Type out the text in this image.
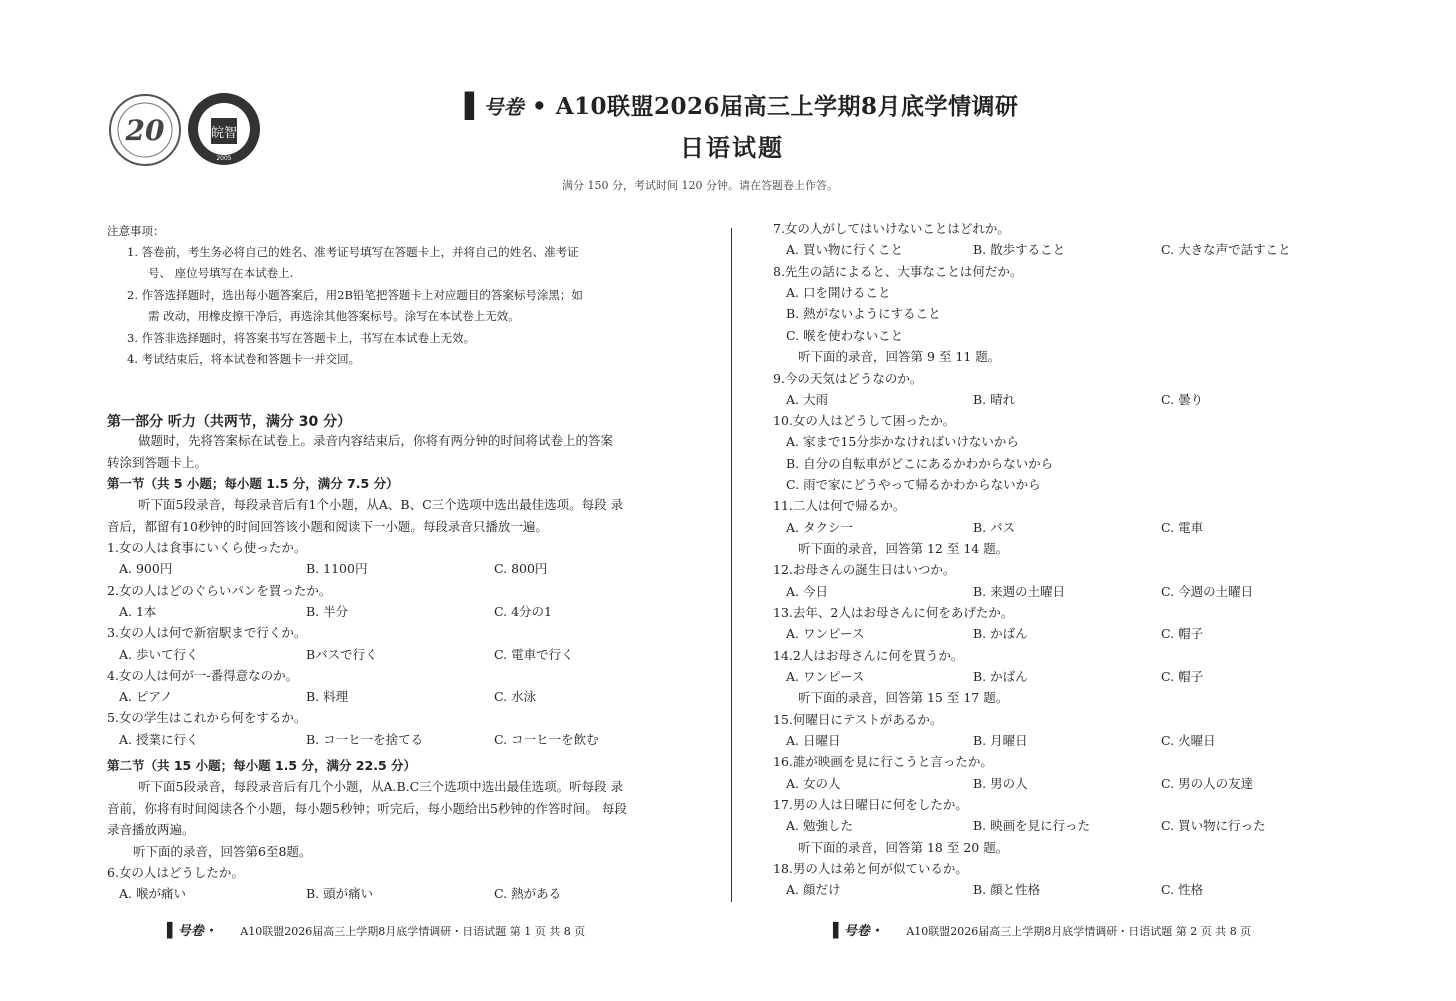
20	皖智
2005
▌号卷 • A10联盟2026届高三上学期8月底学情调研
日语试题
满分 150 分，考试时间 120 分钟。请在答题卷上作答。
注意事项：
1. 答卷前，考生务必将自己的姓名、准考证号填写在答题卡上，并将自己的姓名、准考证
号、 座位号填写在本试卷上.
2. 作答选择题时，选出每小题答案后，用2B铅笔把答题卡上对应题目的答案标号涂黑；如
需 改动，用橡皮擦干净后，再选涂其他答案标号。涂写在本试卷上无效。
3. 作答非选择题时，将答案书写在答题卡上，书写在本试卷上无效。
4. 考试结束后，将本试卷和答题卡一并交回。
第一部分 听力（共两节，满分 30 分）
做题时，先将答案标在试卷上。录音内容结束后，你将有两分钟的时间将试卷上的答案
转涂到答题卡上。
第一节（共 5 小题；每小题 1.5 分，满分 7.5 分）
听下面5段录音，每段录音后有1个小题，从A、B、C三个选项中选出最佳选项。每段 录
音后，都留有10秒钟的时间回答该小题和阅读下一小题。每段录音只播放一遍。
1.女の人は食事にいくら使ったか。
A. 900円	B. 1100円	C. 800円
2.女の人はどのぐらいパンを買ったか。
A. 1本	B. 半分	C. 4分の1
3.女の人は何で新宿駅まで行くか。
A. 歩いて行く	Bバスで行く	C. 電車で行く
4.女の人は何が一-番得意なのか。
A. ピアノ	B. 料理	C. 水泳
5.女の学生はこれから何をするか。
A. 授業に行く	B. コ一ヒ一を捨てる	C. コ一ヒ一を飲む
第二节（共 15 小题；每小题 1.5 分，满分 22.5 分）
听下面5段录音，每段录音后有几个小题，从A.B.C三个选项中选出最佳选项。听每段 录
音前，你将有时间阅读各个小题，每小题5秒钟；听完后，每小题给出5秒钟的作答时间。 每段
录音播放两遍。
听下面的录音，回答第6至8题。
6.女の人はどうしたか。
A. 喉が痛い	B. 頭が痛い	C. 熱がある
7.女の人がしてはいけないことはどれか。
A. 買い物に行くこと	B. 散歩すること	C. 大きな声で話すこと
8.先生の話によると、大事なことは何だか。
A. 口を開けること
B. 熱がないようにすること
C. 喉を使わないこと
听下面的录音，回答第 9 至 11 题。
9.今の天気はどうなのか。
A. 大雨	B. 晴れ	C. 曇り
10.女の人はどうして困ったか。
A. 家まで15分歩かなければいけないから
B. 自分の自転車がどこにあるかわからないから
C. 雨で家にどうやって帰るかわからないから
11.二人は何で帰るか。
A. タクシ一	B. バス	C. 電車
听下面的录音，回答第 12 至 14 题。
12.お母さんの誕生日はいつか。
A. 今日	B. 来週の土曜日	C. 今週の土曜日
13.去年、2人はお母さんに何をあげたか。
A. ワンピース	B. かばん	C. 帽子
14.2人はお母さんに何を買うか。
A. ワンピース	B. かばん	C. 帽子
听下面的录音，回答第 15 至 17 题。
15.何曜日にテストがあるか。
A. 日曜日	B. 月曜日	C. 火曜日
16.誰が映画を見に行こうと言ったか。
A. 女の人	B. 男の人	C. 男の人の友達
17.男の人は日曜日に何をしたか。
A. 勉強した	B. 映画を見に行った	C. 買い物に行った
听下面的录音，回答第 18 至 20 题。
18.男の人は弟と何が似ているか。
A. 顔だけ	B. 顔と性格	C. 性格
▌号卷・ A10联盟2026届高三上学期8月底学情调研・日语试题 第 1 页 共 8 页	▌号卷・ A10联盟2026届高三上学期8月底学情调研・日语试题 第 2 页 共 8 页
